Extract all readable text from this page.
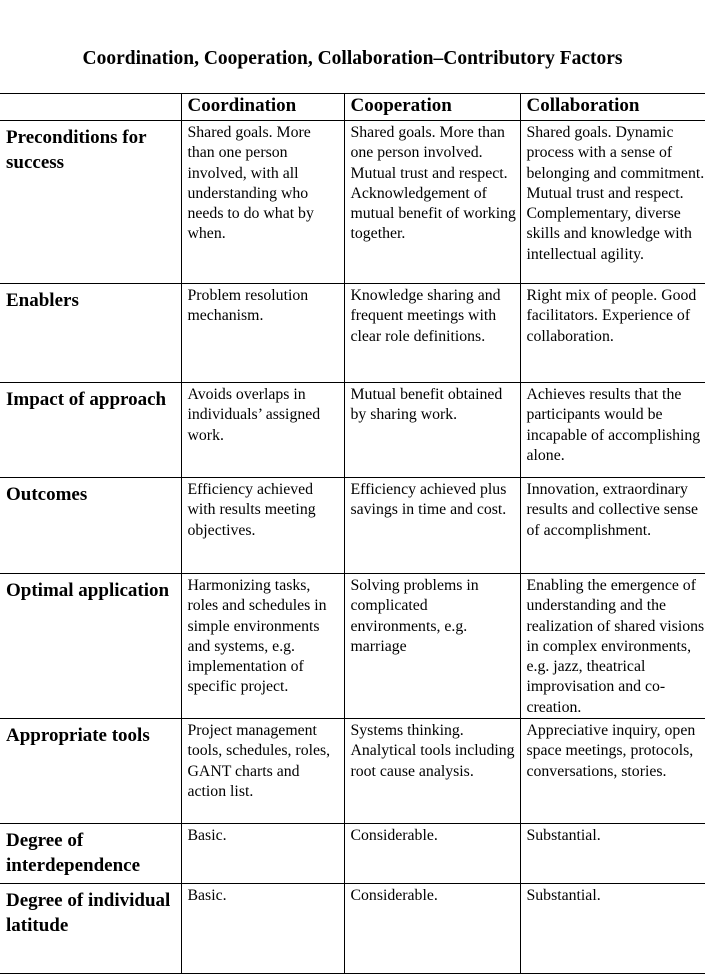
Coordination, Cooperation, Collaboration–Contributory Factors
	Coordination	Cooperation	Collaboration
Preconditions for success	Shared goals. More than one person involved, with all understanding who needs to do what by when.	Shared goals. More than one person involved. Mutual trust and respect. Acknowledgement of mutual benefit of working together.	Shared goals. Dynamic process with a sense of belonging and commitment. Mutual trust and respect. Complementary, diverse skills and knowledge with intellectual agility.
Enablers	Problem resolution mechanism.	Knowledge sharing and frequent meetings with clear role definitions.	Right mix of people. Good facilitators. Experience of collaboration.
Impact of approach	Avoids overlaps in individuals’ assigned work.	Mutual benefit obtained by sharing work.	Achieves results that the participants would be incapable of accomplishing alone.
Outcomes	Efficiency achieved with results meeting objectives.	Efficiency achieved plus savings in time and cost.	Innovation, extraordinary results and collective sense of accomplishment.
Optimal application	Harmonizing tasks, roles and schedules in simple environments and systems, e.g. implementation of specific project.	Solving problems in complicated environments, e.g. marriage	Enabling the emergence of understanding and the realization of shared visions in complex environments, e.g. jazz, theatrical improvisation and co-creation.
Appropriate tools	Project management tools, schedules, roles, GANT charts and action list.	Systems thinking. Analytical tools including root cause analysis.	Appreciative inquiry, open space meetings, protocols, conversations, stories.
Degree of interdependence	Basic.	Considerable.	Substantial.
Degree of individual latitude	Basic.	Considerable.	Substantial.
